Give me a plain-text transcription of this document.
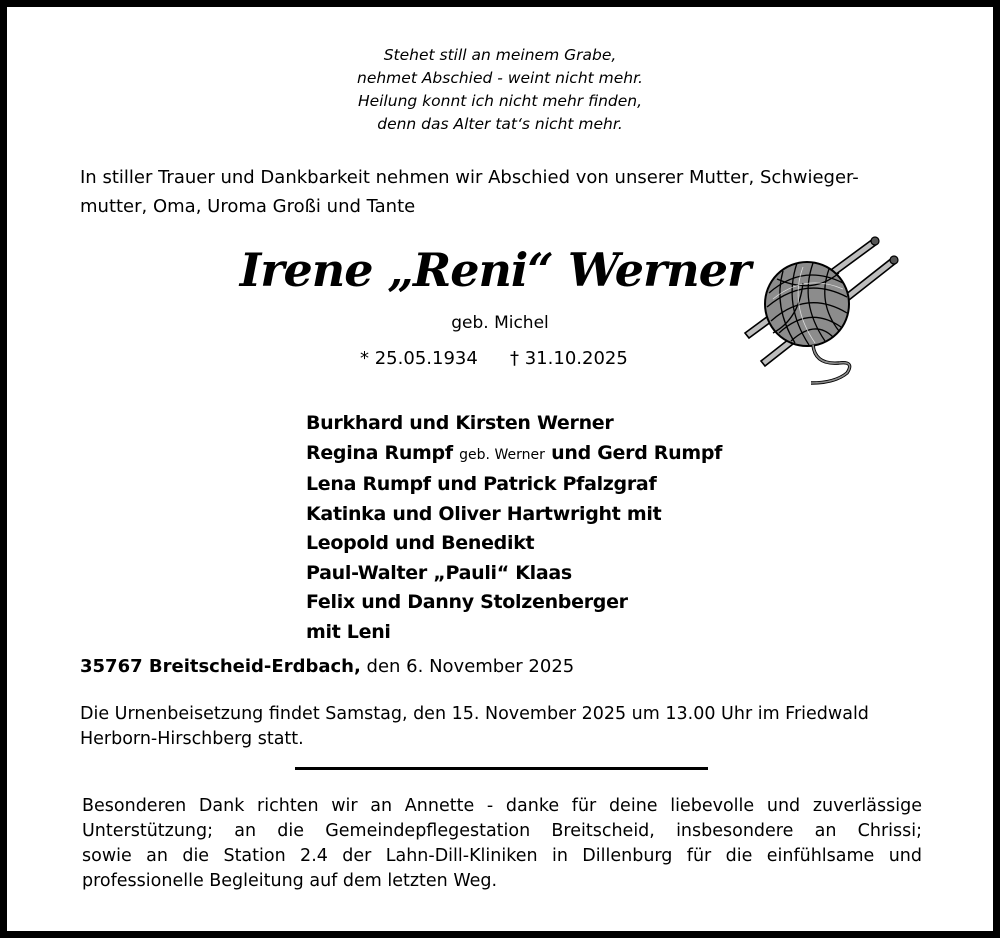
Stehet still an meinem Grabe,
nehmet Abschied - weint nicht mehr.
Heilung konnt ich nicht mehr finden,
denn das Alter tat‘s nicht mehr.
In stiller Trauer und Dankbarkeit nehmen wir Abschied von unserer Mutter, Schwieger-
mutter, Oma, Uroma Großi und Tante
Irene „Reni“ Werner
geb. Michel
* 25.05.1934 † 31.10.2025
Burkhard und Kirsten Werner
Regina Rumpf geb. Werner und Gerd Rumpf
Lena Rumpf und Patrick Pfalzgraf
Katinka und Oliver Hartwright mit
Leopold und Benedikt
Paul-Walter „Pauli“ Klaas
Felix und Danny Stolzenberger
mit Leni
35767 Breitscheid-Erdbach, den 6. November 2025
Die Urnenbeisetzung findet Samstag, den 15. November 2025 um 13.00 Uhr im Friedwald
Herborn-Hirschberg statt.
Besonderen Dank richten wir an Annette - danke für deine liebevolle und zuverlässige
Unterstützung; an die Gemeindepflegestation Breitscheid, insbesondere an Chrissi;
sowie an die Station 2.4 der Lahn-Dill-Kliniken in Dillenburg für die einfühlsame und
professionelle Begleitung auf dem letzten Weg.
